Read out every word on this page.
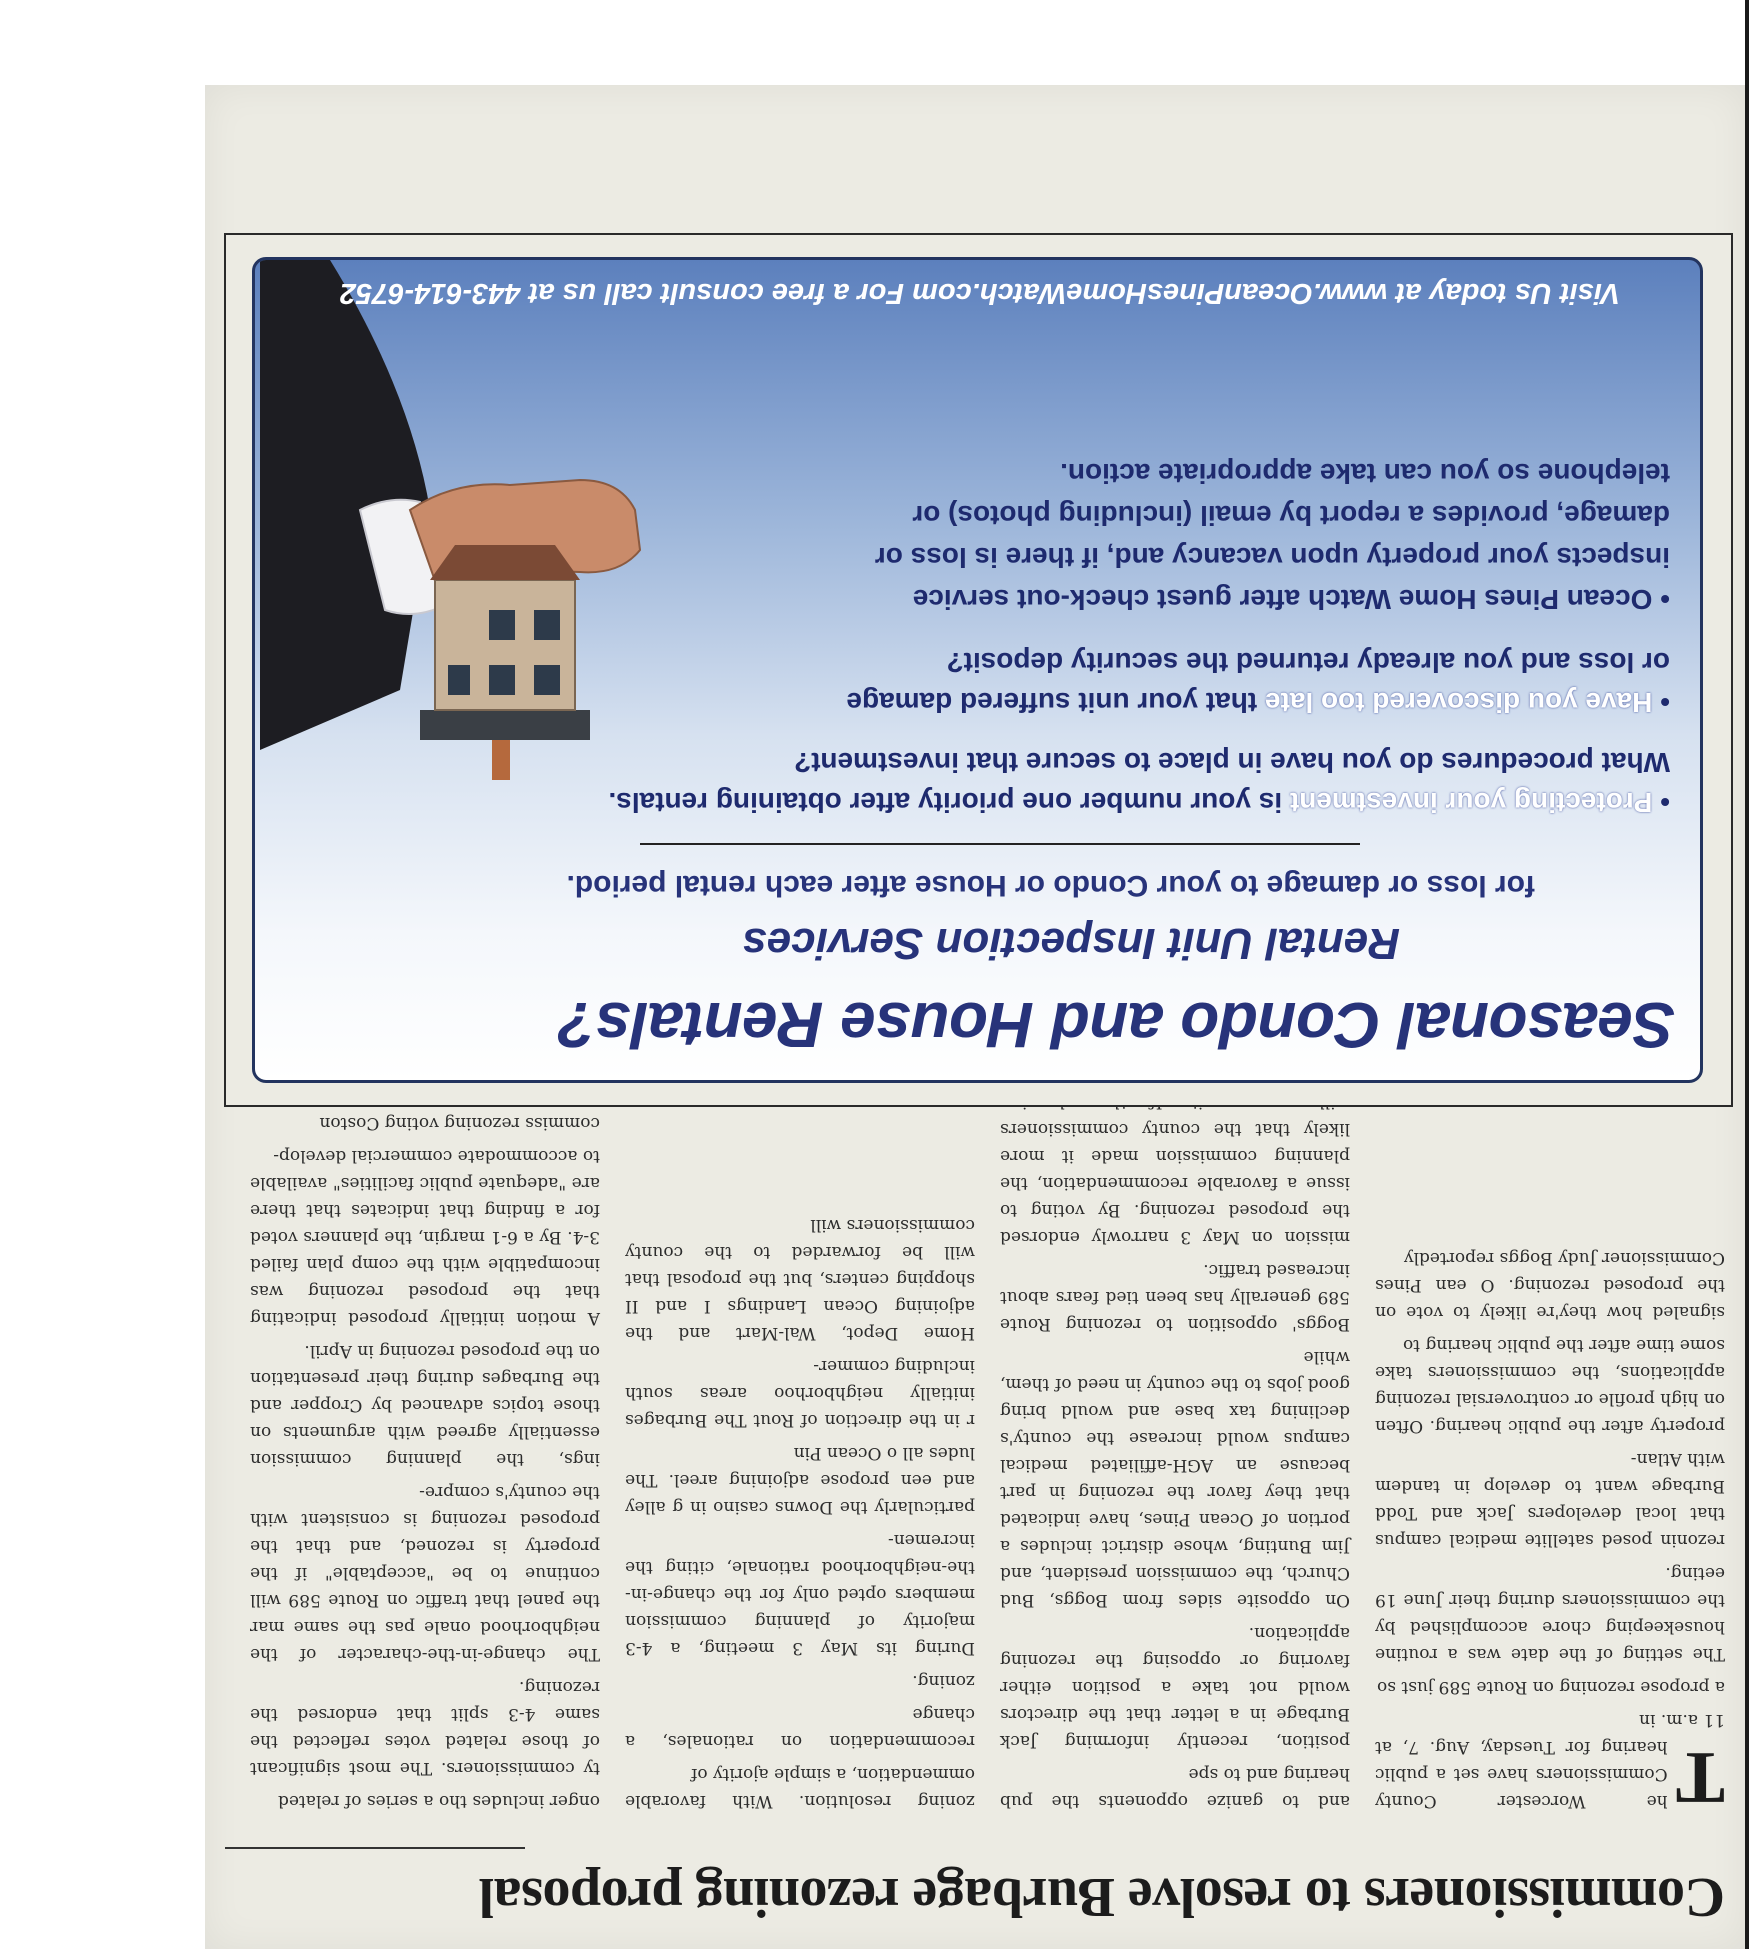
Commissioners to resolve Burbage rezoning proposal

T
he Worcester County Commissioners have set a public hearing for Tuesday, Aug. 7, at 11 a.m. in

a propose rezoning on Route 589 just so

The setting of the date was a routine housekeeping chore accomplished by the commissioners during their June 19 eeting.

rezonin posed satellite medical campus that local developers Jack and Todd Burbage want to develop in tandem with Atlan-

property after the public hearing. Often on high profile or controversial rezoning applications, the commissioners take some time after the public hearing to

signaled how they're likely to vote on the proposed rezoning. O ean Pines Commissioner Judy Boggs reportedly

and to ganize opponents the pub hearing and to spe

position, recently informing Jack Burbage in a letter that the directors would not take a position either favoring or opposing the rezoning application.

On opposite sides from Boggs, Bud Church, the commission president, and Jim Bunting, whose district includes a portion of Ocean Pines, have indicated that they favor the rezoning in part because an AGH-affiliated medical campus would increase the county's declining tax base and would bring good jobs to the county in need of them, while

Boggs' opposition to rezoning Route 589 generally has been tied fears about increased traffic.

mission on May 3 narrowly endorsed the proposed rezoning. By voting to issue a favorable recommendation, the planning commission made it more likely that the county commissioners

zoning resolution. With favorable ommendation, a simple ajority of

recommendation on rationales, a change

zoning.

During its May 3 meeting, a 4-3 majority of planning commission members opted only for the change-in-the-neighborhood rationale, citing the incremen-

particularly the Downs casino in g alley and een propose adjoining areel. The ludes all o Ocean Pin

r in the direction of Rout The Burbages initially neighborhoo areas south including commer-

Home Depot, Wal-Mart and the adjoining Ocean Landings I and II shopping centers, but the proposal that will be forwarded to the county commissioners will

onger includes tho a series of related

ty commissioners. The most significant of those related votes reflected the same 4-3 split that endorsed the rezoning.

The change-in-the-character of the neighborhood onale pas the same mar the panel that traffic on Route 589 will continue to be "acceptable" if the property is rezoned, and that the proposed rezoning is consistent with the county's compre-

ings, the planning commission essentially agreed with arguments on those topics advanced by Cropper and the Burbages during their presentation on the proposed rezoning in April.

A motion initially proposed indicating that the proposed rezoning was incompatible with the comp plan failed 3-4. By a 6-1 margin, the planners voted for a finding that indicates that there are "adequate public facilities" available to accommodate commercial develop-

commiss rezoning voting Coston

Seasonal Condo and House Rentals?
Rental Unit Inspection Services
for loss or damage to your Condo or House after each rental period.
• Protecting your investment is your number one priority after obtaining rentals.
What procedures do you have in place to secure that investment?
• Have you discovered too late that your unit suffered damage
or loss and you already returned the security deposit?
• Ocean Pines Home Watch after guest check-out service
inspects your property upon vacancy and, if there is loss or
damage, provides a report by email (including photos) or
telephone so you can take appropriate action.
Visit Us today at www.OceanPinesHomeWatch.com For a free consult call us at 443-614-6752
